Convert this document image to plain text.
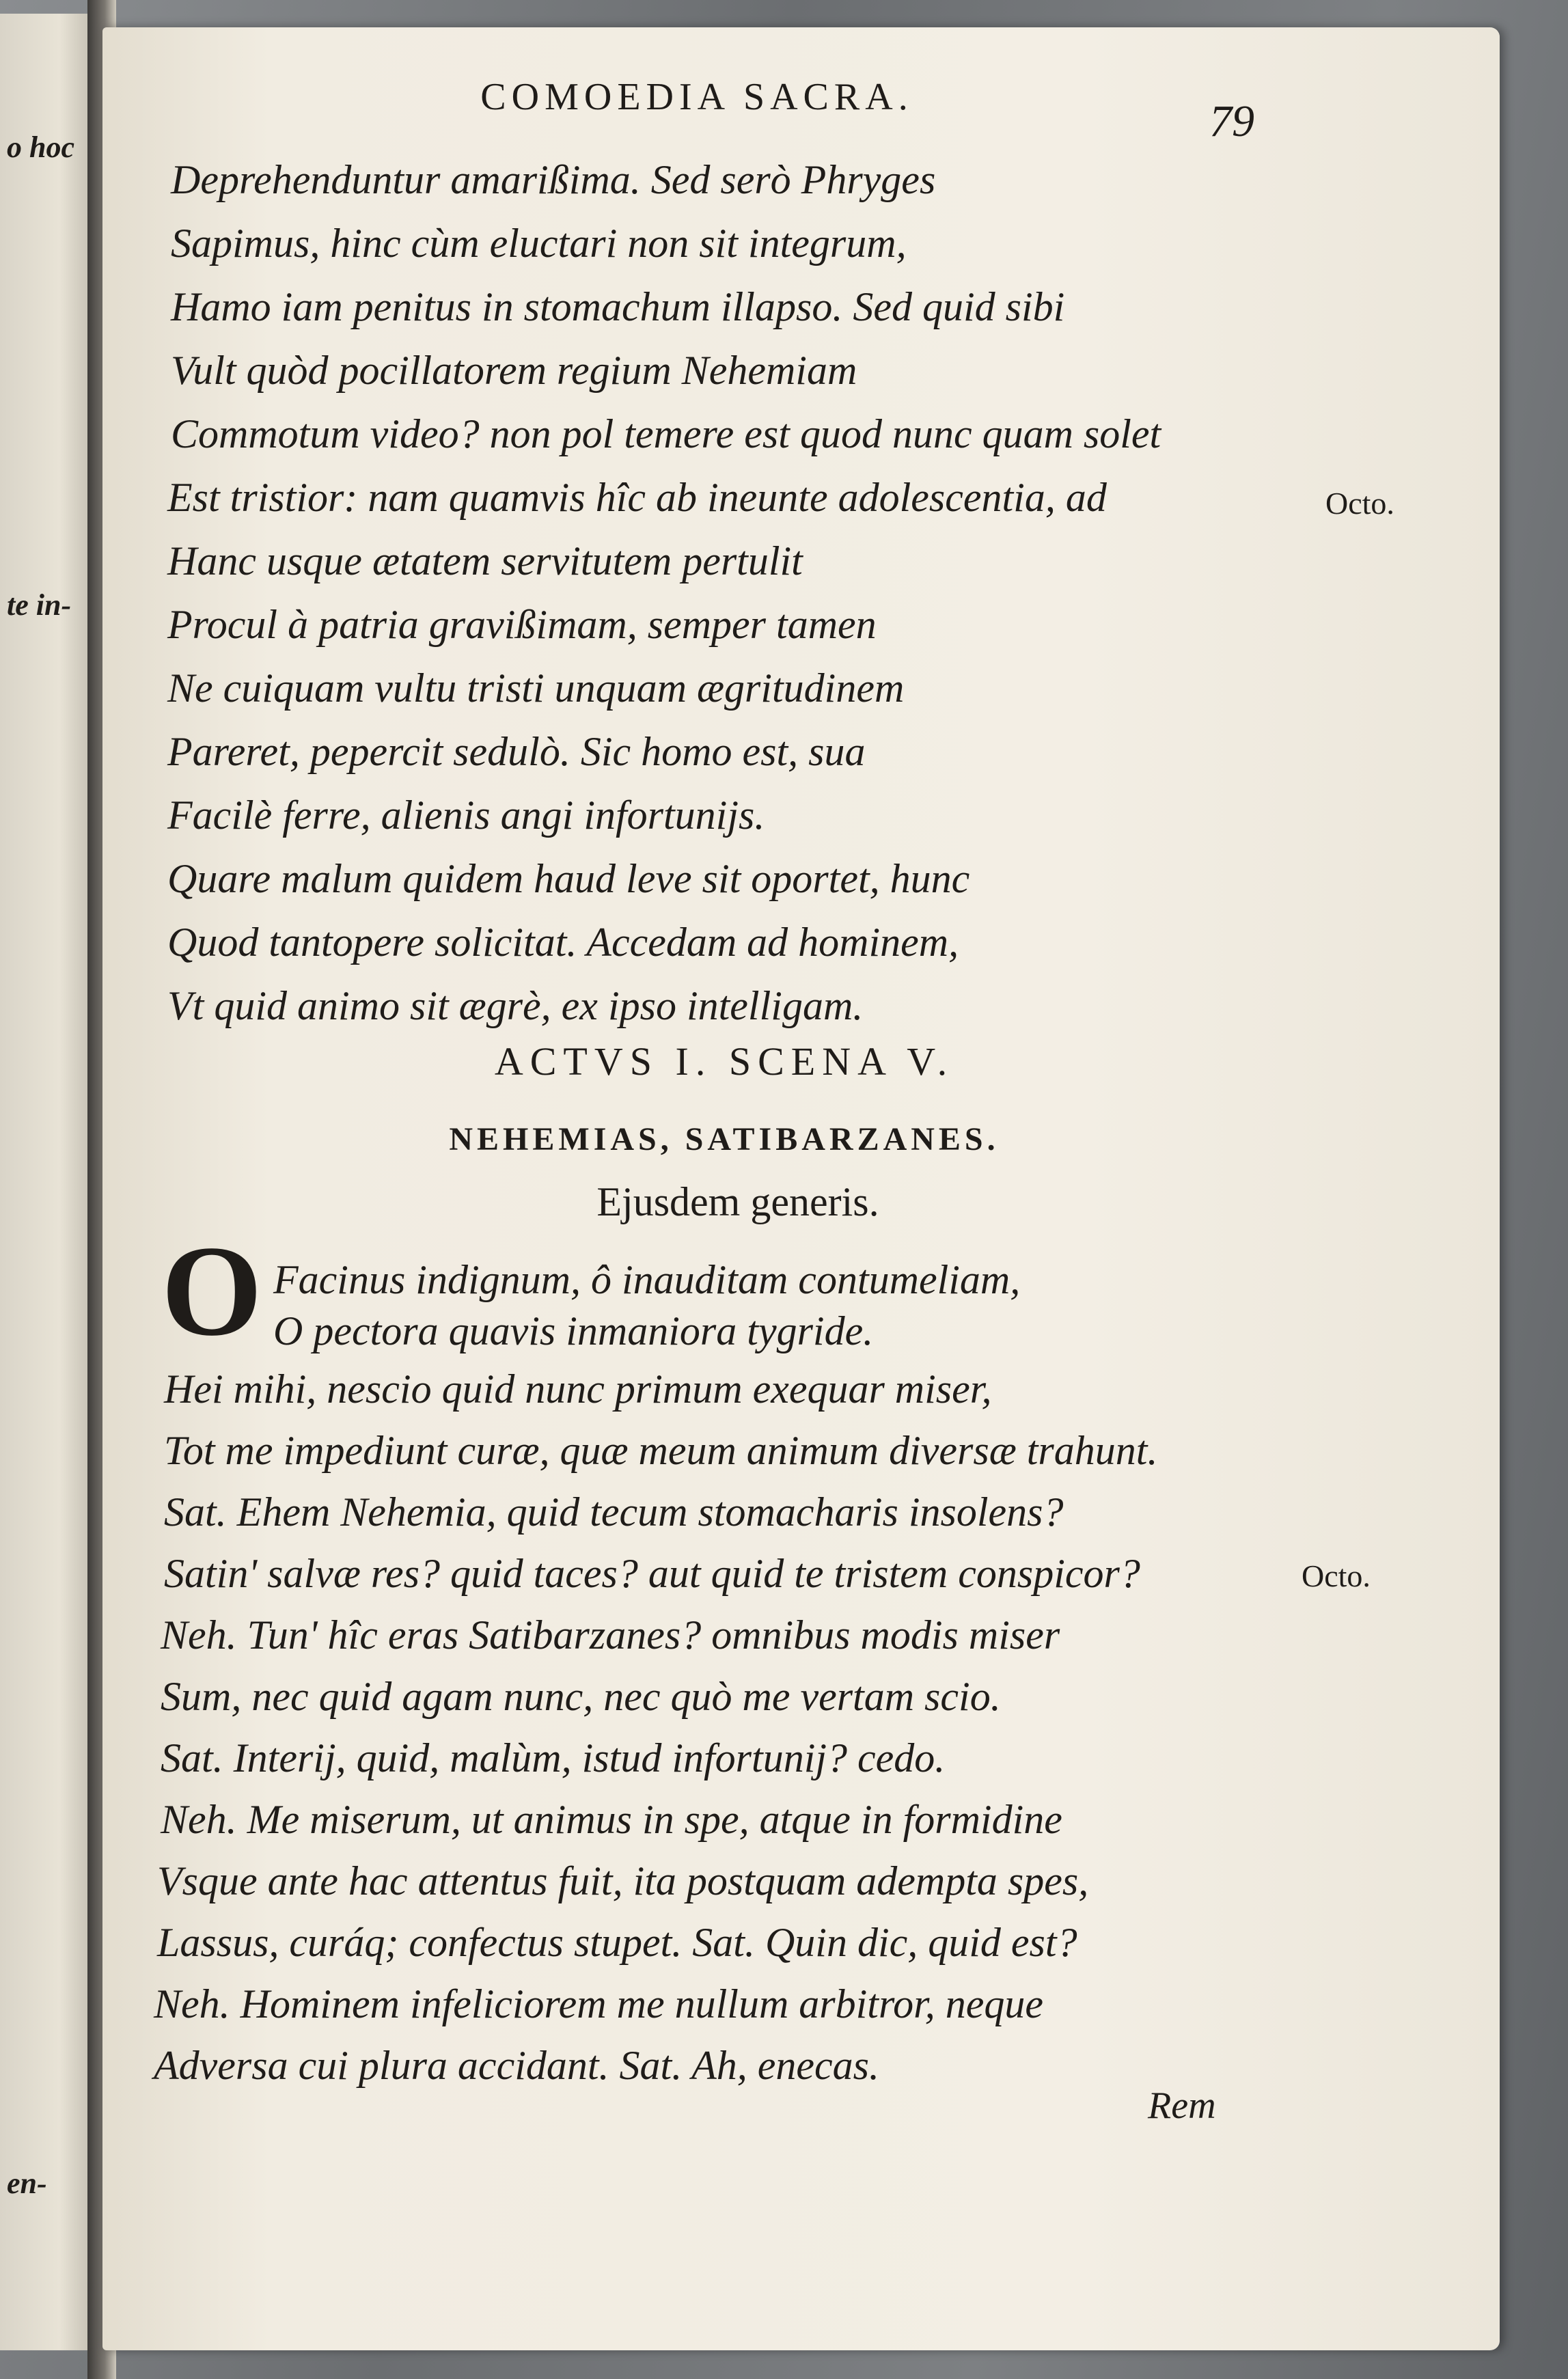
o hoc
te in-
en-
COMOEDIA SACRA.	79
Deprehenduntur amarißima. Sed serò Phryges
Sapimus, hinc cùm eluctari non sit integrum,
Hamo iam penitus in stomachum illapso. Sed quid sibi
Vult quòd pocillatorem regium Nehemiam
Commotum video? non pol temere est quod nunc quam solet
Est tristior: nam quamvis hîc ab ineunte adolescentia, ad
Hanc usque ætatem servitutem pertulit
Procul à patria gravißimam, semper tamen
Ne cuiquam vultu tristi unquam ægritudinem
Pareret, pepercit sedulò. Sic homo est, sua
Facilè ferre, alienis angi infortunijs.
Quare malum quidem haud leve sit oportet, hunc
Quod tantopere solicitat. Accedam ad hominem,
Vt quid animo sit ægrè, ex ipso intelligam.
Octo.
Octo.
ACTVS I. SCENA V.
NEHEMIAS, SATIBARZANES.
Ejusdem generis.
O Facinus indignum, ô inauditam contumeliam,
O pectora quavis inmaniora tygride.
Hei mihi, nescio quid nunc primum exequar miser,
Tot me impediunt curæ, quæ meum animum diversæ trahunt.
Sat. Ehem Nehemia, quid tecum stomacharis insolens?
Satin' salvæ res? quid taces? aut quid te tristem conspicor?
Neh. Tun' hîc eras Satibarzanes? omnibus modis miser
Sum, nec quid agam nunc, nec quò me vertam scio.
Sat. Interij, quid, malùm, istud infortunij? cedo.
Neh. Me miserum, ut animus in spe, atque in formidine
Vsque ante hac attentus fuit, ita postquam adempta spes,
Lassus, curáq; confectus stupet. Sat. Quin dic, quid est?
Neh. Hominem infeliciorem me nullum arbitror, neque
Adversa cui plura accidant. Sat. Ah, enecas.
Rem
